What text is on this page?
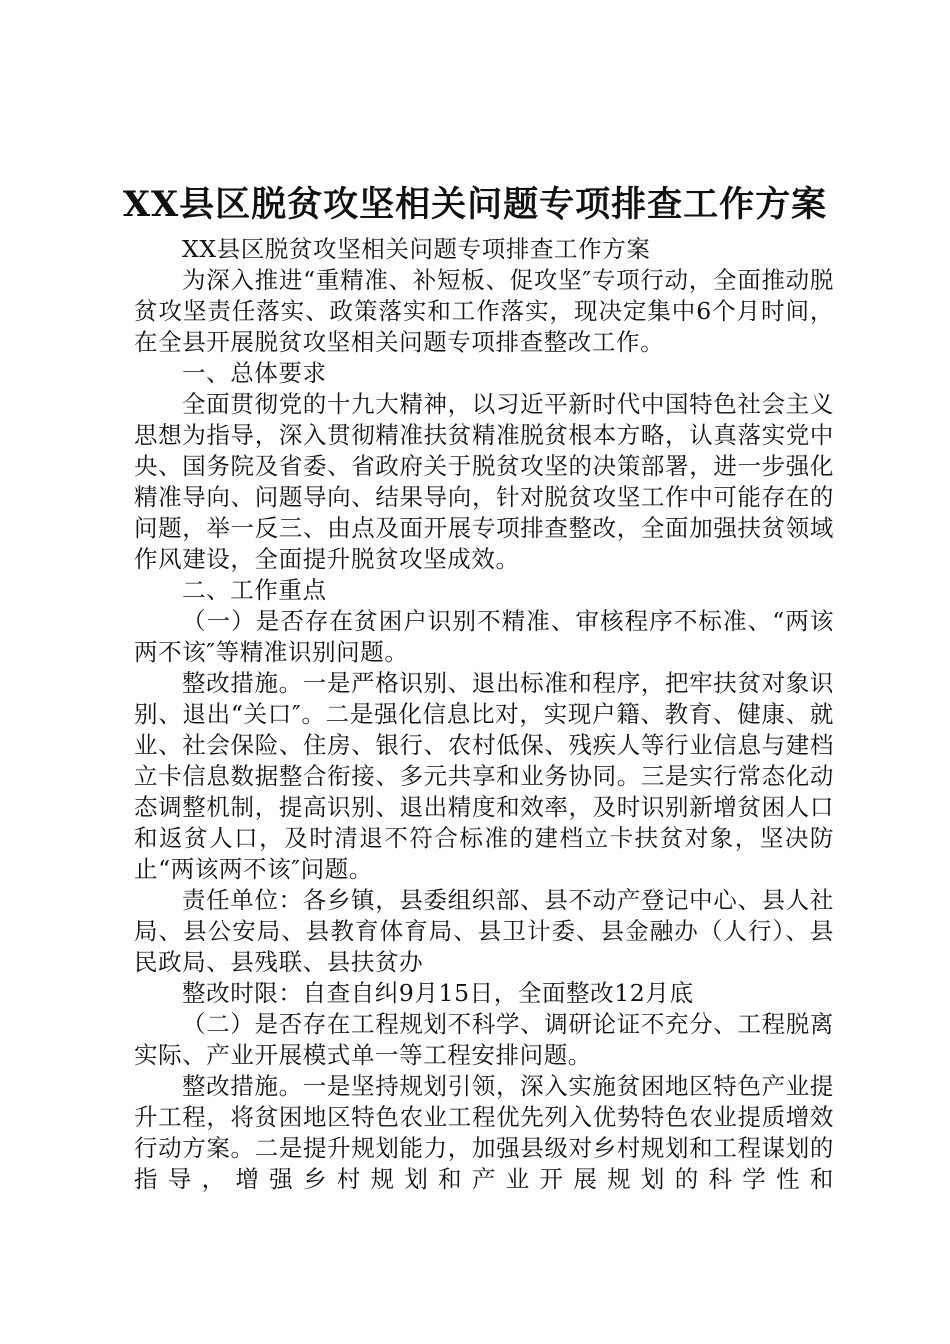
XX县区脱贫攻坚相关问题专项排查工作方案

XX县区脱贫攻坚相关问题专项排查工作方案

为深入推进“重精准、补短板、促攻坚″专项行动，全面推动脱贫攻坚责任落实、政策落实和工作落实，现决定集中6个月时间，在全县开展脱贫攻坚相关问题专项排查整改工作。

一、总体要求

全面贯彻党的十九大精神，以习近平新时代中国特色社会主义思想为指导，深入贯彻精准扶贫精准脱贫根本方略，认真落实党中央、国务院及省委、省政府关于脱贫攻坚的决策部署，进一步强化精准导向、问题导向、结果导向，针对脱贫攻坚工作中可能存在的问题，举一反三、由点及面开展专项排查整改，全面加强扶贫领域作风建设，全面提升脱贫攻坚成效。

二、工作重点

（一）是否存在贫困户识别不精准、审核程序不标准、“两该两不该″等精准识别问题。

整改措施。一是严格识别、退出标准和程序，把牢扶贫对象识别、退出“关口″。二是强化信息比对，实现户籍、教育、健康、就业、社会保险、住房、银行、农村低保、残疾人等行业信息与建档立卡信息数据整合衔接、多元共享和业务协同。三是实行常态化动态调整机制，提高识别、退出精度和效率，及时识别新增贫困人口和返贫人口，及时清退不符合标准的建档立卡扶贫对象，坚决防止“两该两不该″问题。

责任单位：各乡镇，县委组织部、县不动产登记中心、县人社局、县公安局、县教育体育局、县卫计委、县金融办（人行）、县民政局、县残联、县扶贫办

整改时限：自查自纠9月15日，全面整改12月底

（二）是否存在工程规划不科学、调研论证不充分、工程脱离实际、产业开展模式单一等工程安排问题。

整改措施。一是坚持规划引领，深入实施贫困地区特色产业提升工程，将贫困地区特色农业工程优先列入优势特色农业提质增效行动方案。二是提升规划能力，加强县级对乡村规划和工程谋划的指导，增强乡村规划和产业开展规划的科学性和
